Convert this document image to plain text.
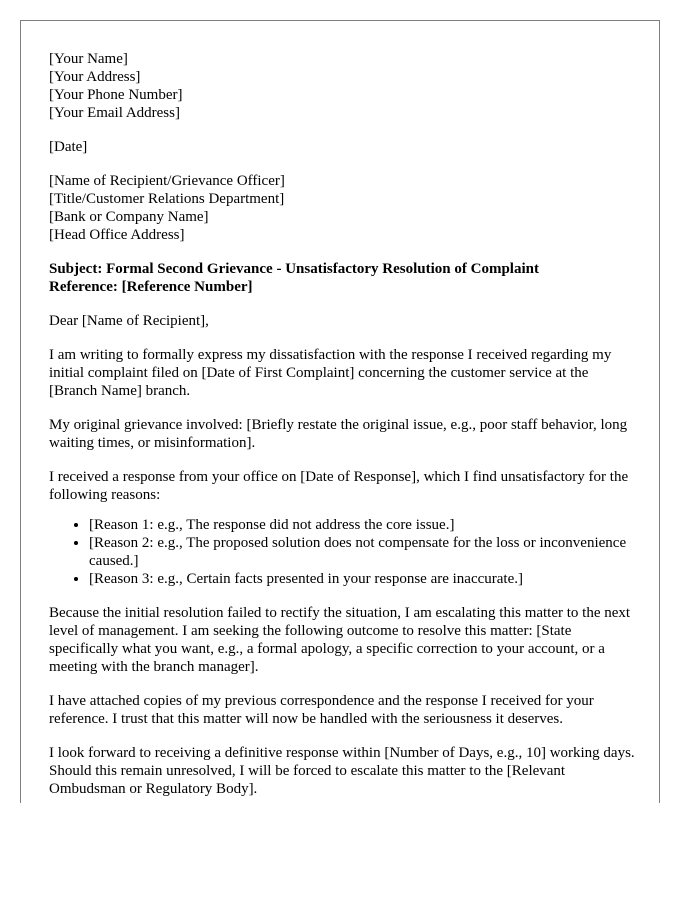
[Your Name]
[Your Address]
[Your Phone Number]
[Your Email Address]
[Date]
[Name of Recipient/Grievance Officer]
[Title/Customer Relations Department]
[Bank or Company Name]
[Head Office Address]
Subject: Formal Second Grievance - Unsatisfactory Resolution of Complaint
Reference: [Reference Number]

Dear [Name of Recipient],

I am writing to formally express my dissatisfaction with the response I received regarding my initial complaint filed on [Date of First Complaint] concerning the customer service at the [Branch Name] branch.

My original grievance involved: [Briefly restate the original issue, e.g., poor staff behavior, long waiting times, or misinformation].

I received a response from your office on [Date of Response], which I find unsatisfactory for the following reasons:

• [Reason 1: e.g., The response did not address the core issue.]
• [Reason 2: e.g., The proposed solution does not compensate for the loss or inconvenience caused.]
• [Reason 3: e.g., Certain facts presented in your response are inaccurate.]

Because the initial resolution failed to rectify the situation, I am escalating this matter to the next level of management. I am seeking the following outcome to resolve this matter: [State specifically what you want, e.g., a formal apology, a specific correction to your account, or a meeting with the branch manager].

I have attached copies of my previous correspondence and the response I received for your reference. I trust that this matter will now be handled with the seriousness it deserves.

I look forward to receiving a definitive response within [Number of Days, e.g., 10] working days. Should this remain unresolved, I will be forced to escalate this matter to the [Relevant Ombudsman or Regulatory Body].
